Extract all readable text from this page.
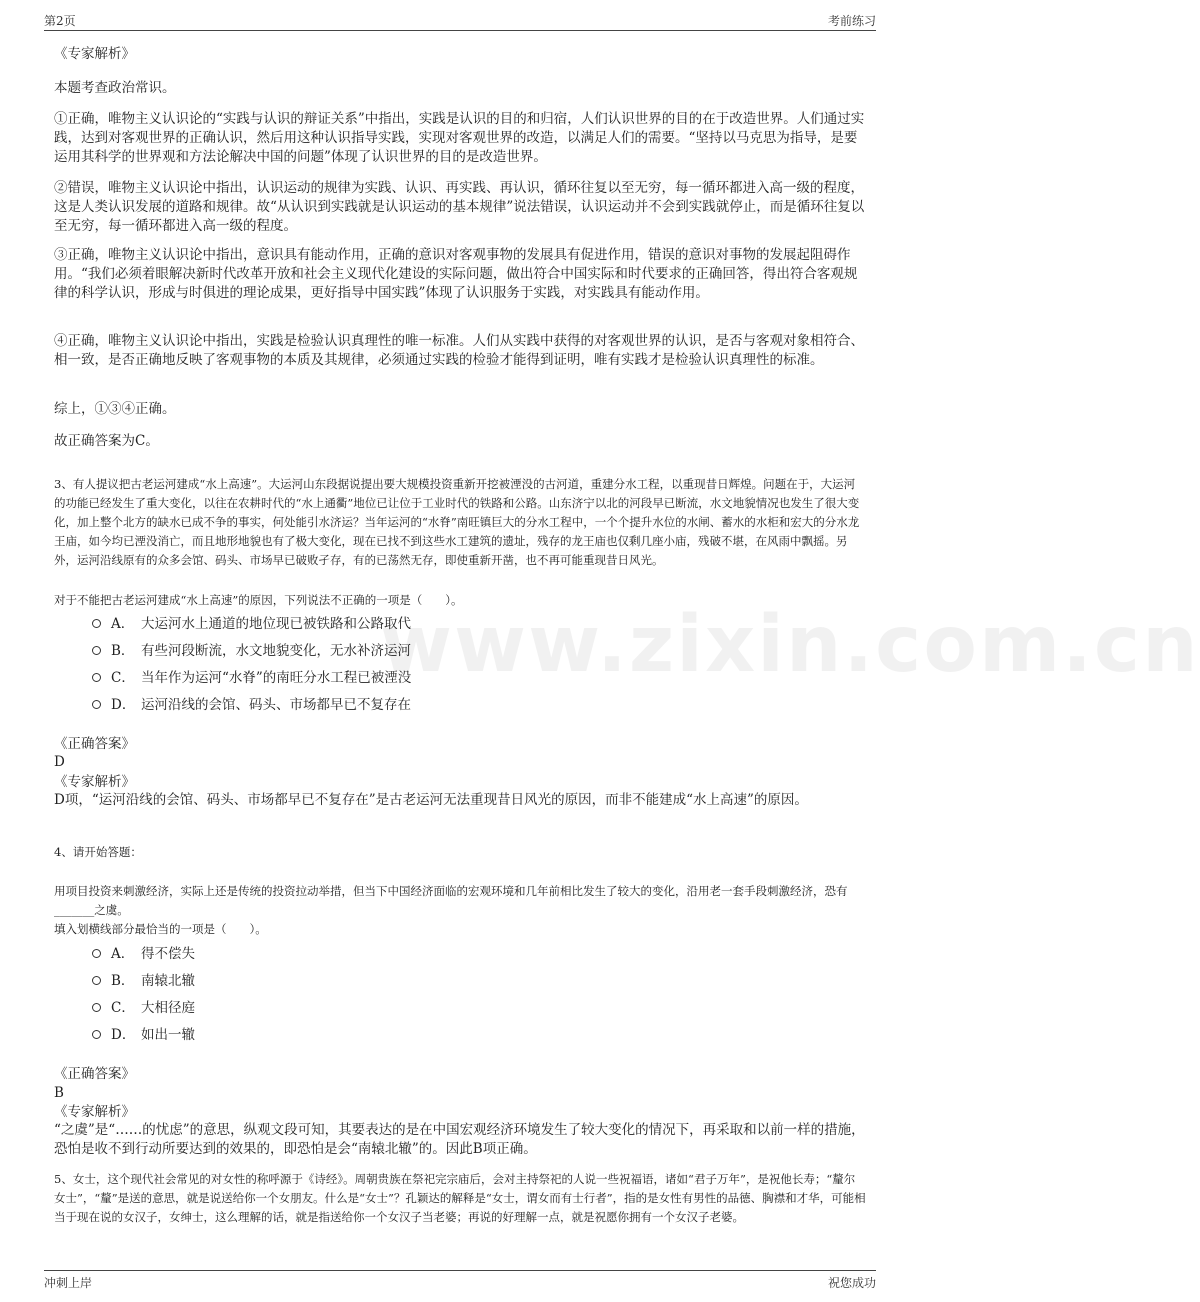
第2页	考前练习
www.zixin.com.cn

《专家解析》

本题考查政治常识。

①正确，唯物主义认识论的“实践与认识的辩证关系”中指出，实践是认识的目的和归宿，人们认识世界的目的在于改造世界。人们通过实践，达到对客观世界的正确认识，然后用这种认识指导实践，实现对客观世界的改造，以满足人们的需要。“坚持以马克思为指导，是要运用其科学的世界观和方法论解决中国的问题”体现了认识世界的目的是改造世界。

②错误，唯物主义认识论中指出，认识运动的规律为实践、认识、再实践、再认识，循环往复以至无穷，每一循环都进入高一级的程度，这是人类认识发展的道路和规律。故“从认识到实践就是认识运动的基本规律”说法错误，认识运动并不会到实践就停止，而是循环往复以至无穷，每一循环都进入高一级的程度。

③正确，唯物主义认识论中指出，意识具有能动作用，正确的意识对客观事物的发展具有促进作用，错误的意识对事物的发展起阻碍作用。“我们必须着眼解决新时代改革开放和社会主义现代化建设的实际问题，做出符合中国实际和时代要求的正确回答，得出符合客观规律的科学认识，形成与时俱进的理论成果，更好指导中国实践”体现了认识服务于实践，对实践具有能动作用。

④正确，唯物主义认识论中指出，实践是检验认识真理性的唯一标准。人们从实践中获得的对客观世界的认识，是否与客观对象相符合、相一致，是否正确地反映了客观事物的本质及其规律，必须通过实践的检验才能得到证明，唯有实践才是检验认识真理性的标准。

综上，①③④正确。

故正确答案为C。

3、有人提议把古老运河建成“水上高速”。大运河山东段据说提出要大规模投资重新开挖被湮没的古河道，重建分水工程，以重现昔日辉煌。问题在于，大运河的功能已经发生了重大变化，以往在农耕时代的“水上通衢”地位已让位于工业时代的铁路和公路。山东济宁以北的河段早已断流，水文地貌情况也发生了很大变化，加上整个北方的缺水已成不争的事实，何处能引水济运？当年运河的“水脊”南旺镇巨大的分水工程中，一个个提升水位的水闸、蓄水的水柜和宏大的分水龙王庙，如今均已湮没消亡，而且地形地貌也有了极大变化，现在已找不到这些水工建筑的遗址，残存的龙王庙也仅剩几座小庙，残破不堪，在风雨中飘摇。另外，运河沿线原有的众多会馆、码头、市场早已破败孑存，有的已荡然无存，即使重新开凿，也不再可能重现昔日风光。

对于不能把古老运河建成“水上高速”的原因，下列说法不正确的一项是（　　）。

A． 大运河水上通道的地位现已被铁路和公路取代
B． 有些河段断流，水文地貌变化，无水补济运河
C． 当年作为运河“水脊”的南旺分水工程已被湮没
D． 运河沿线的会馆、码头、市场都早已不复存在

《正确答案》

D

《专家解析》

D项，“运河沿线的会馆、码头、市场都早已不复存在”是古老运河无法重现昔日风光的原因，而非不能建成“水上高速”的原因。

4、请开始答题：

用项目投资来刺激经济，实际上还是传统的投资拉动举措，但当下中国经济面临的宏观环境和几年前相比发生了较大的变化，沿用老一套手段刺激经济，恐有_______之虞。

填入划横线部分最恰当的一项是（　　）。

A． 得不偿失
B． 南辕北辙
C． 大相径庭
D． 如出一辙

《正确答案》

B

《专家解析》

“之虞”是“……的忧虑”的意思，纵观文段可知，其要表达的是在中国宏观经济环境发生了较大变化的情况下，再采取和以前一样的措施，恐怕是收不到行动所要达到的效果的，即恐怕是会“南辕北辙”的。因此B项正确。

5、女士，这个现代社会常见的对女性的称呼源于《诗经》。周朝贵族在祭祀完宗庙后，会对主持祭祀的人说一些祝福语，诸如“君子万年”，是祝他长寿；“釐尔女士”，“釐”是送的意思，就是说送给你一个女朋友。什么是“女士”？孔颖达的解释是“女士，谓女而有士行者”，指的是女性有男性的品德、胸襟和才华，可能相当于现在说的女汉子，女绅士，这么理解的话，就是指送给你一个女汉子当老婆；再说的好理解一点，就是祝愿你拥有一个女汉子老婆。

冲刺上岸	祝您成功
